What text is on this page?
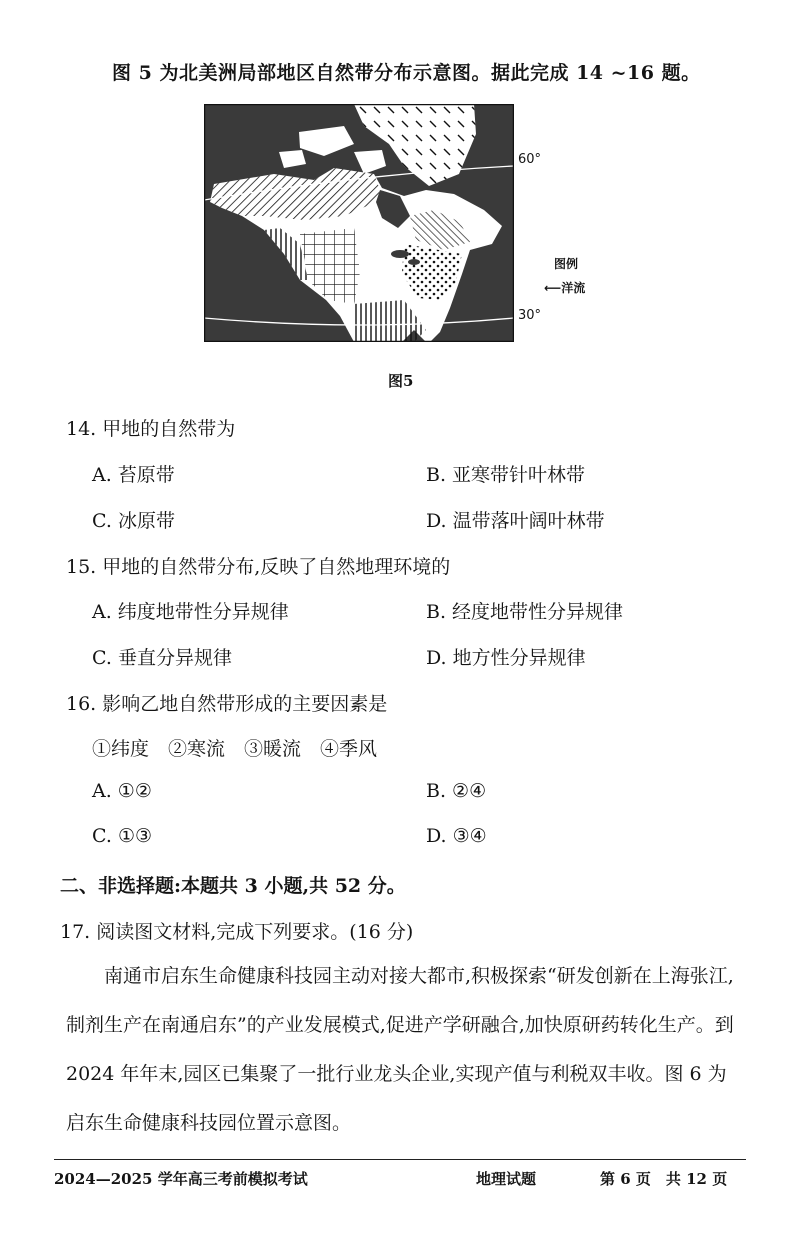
图 5 为北美洲局部地区自然带分布示意图。据此完成 14 ~16 题。
60°
30°
图例
⟵洋流
图5
14. 甲地的自然带为
A. 苔原带	B. 亚寒带针叶林带
C. 冰原带	D. 温带落叶阔叶林带
15. 甲地的自然带分布,反映了自然地理环境的
A. 纬度地带性分异规律	B. 经度地带性分异规律
C. 垂直分异规律	D. 地方性分异规律
16. 影响乙地自然带形成的主要因素是
①纬度　②寒流　③暖流　④季风
A. ①②	B. ②④
C. ①③	D. ③④
二、非选择题:本题共 3 小题,共 52 分。
17. 阅读图文材料,完成下列要求。(16 分)
南通市启东生命健康科技园主动对接大都市,积极探索“研发创新在上海张江,制剂生产在南通启东”的产业发展模式,促进产学研融合,加快原研药转化生产。到 2024 年年末,园区已集聚了一批行业龙头企业,实现产值与利税双丰收。图 6 为启东生命健康科技园位置示意图。
2024—2025 学年高三考前模拟考试	地理试题	第 6 页　共 12 页
